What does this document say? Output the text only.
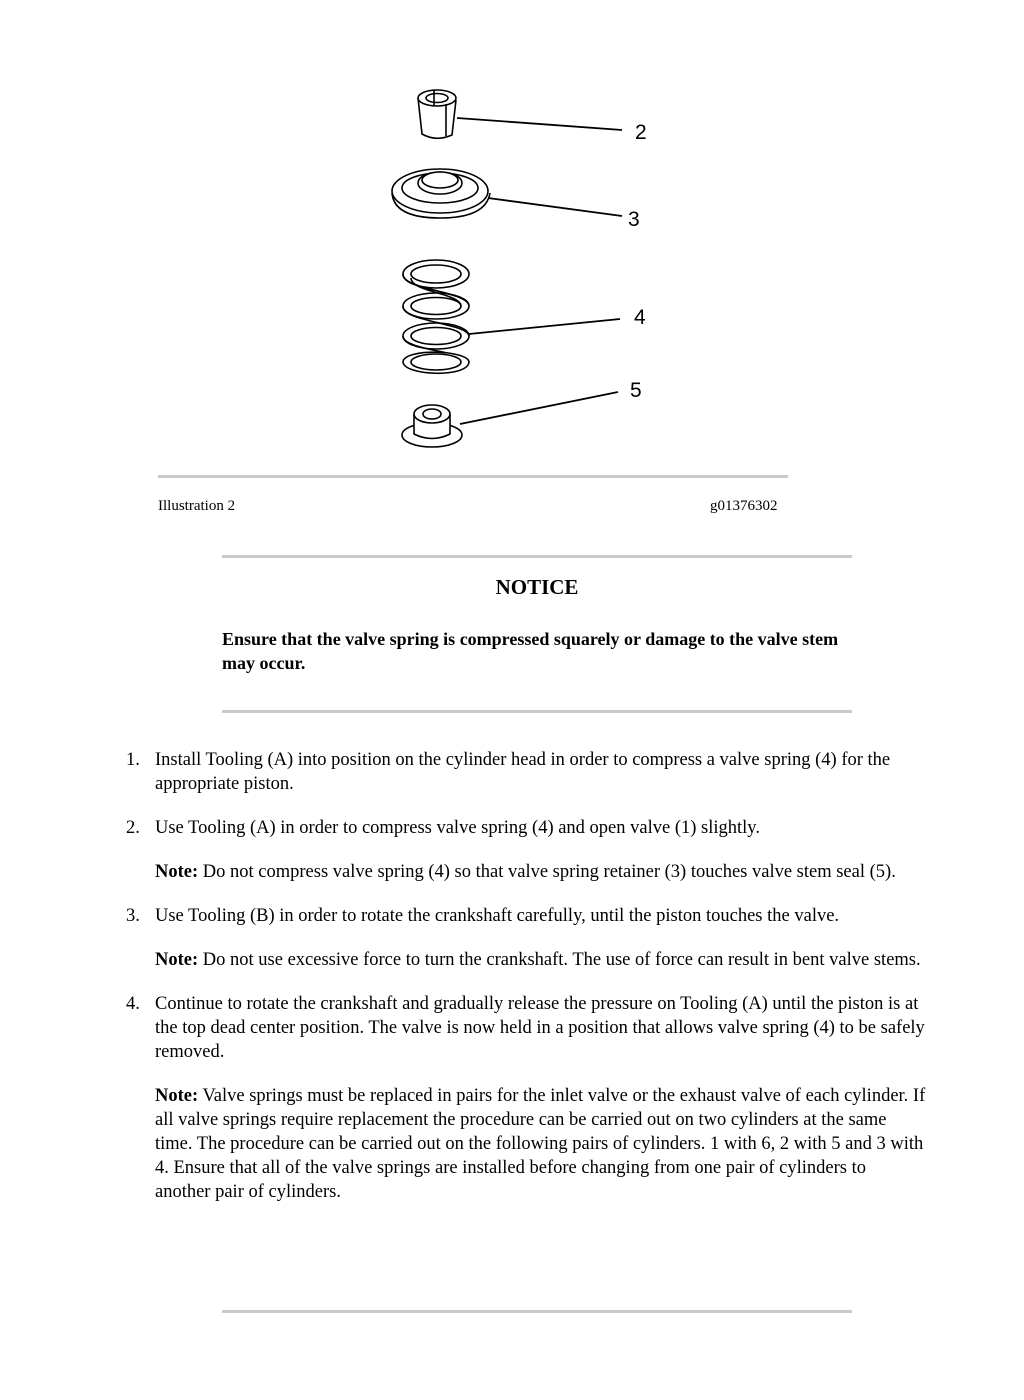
2
3
4
5
Illustration 2	g01376302
NOTICE
Ensure that the valve spring is compressed squarely or damage to the valve stem may occur.
1. Install Tooling (A) into position on the cylinder head in order to compress a valve spring (4) for the appropriate piston.

2. Use Tooling (A) in order to compress valve spring (4) and open valve (1) slightly.

Note: Do not compress valve spring (4) so that valve spring retainer (3) touches valve stem seal (5).

3. Use Tooling (B) in order to rotate the crankshaft carefully, until the piston touches the valve.

Note: Do not use excessive force to turn the crankshaft. The use of force can result in bent valve stems.

4. Continue to rotate the crankshaft and gradually release the pressure on Tooling (A) until the piston is at the top dead center position. The valve is now held in a position that allows valve spring (4) to be safely removed.

Note: Valve springs must be replaced in pairs for the inlet valve or the exhaust valve of each cylinder. If all valve springs require replacement the procedure can be carried out on two cylinders at the same time. The procedure can be carried out on the following pairs of cylinders. 1 with 6, 2 with 5 and 3 with 4. Ensure that all of the valve springs are installed before changing from one pair of cylinders to another pair of cylinders.
